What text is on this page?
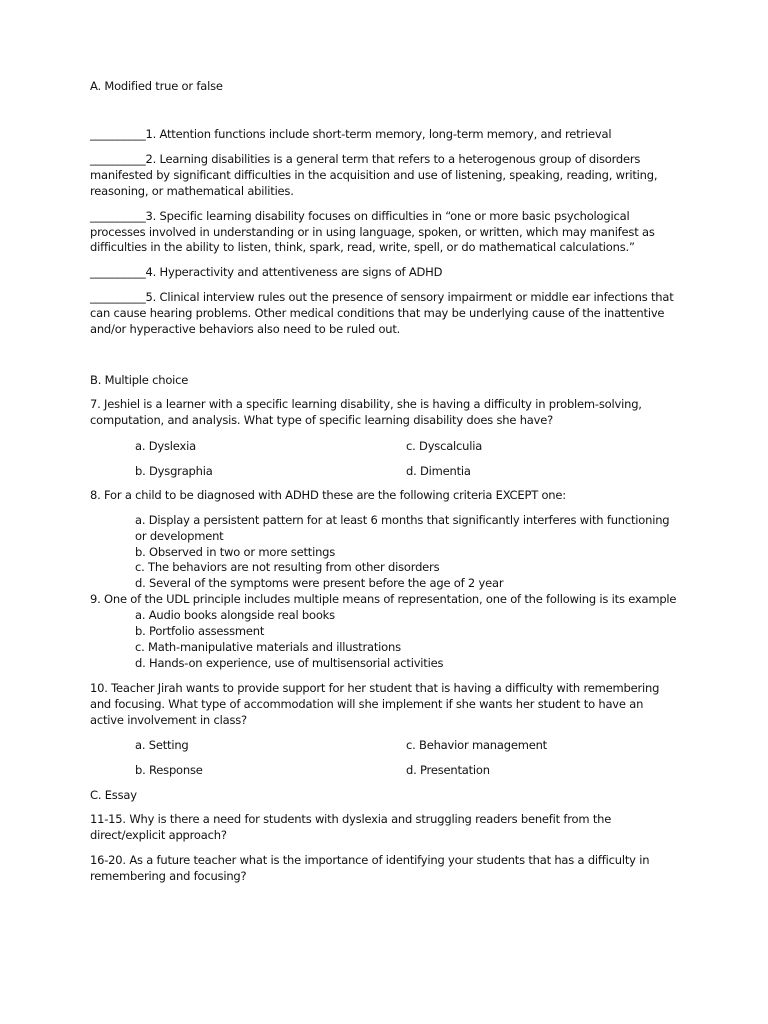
A. Modified true or false

__________1. Attention functions include short-term memory, long-term memory, and retrieval

__________2. Learning disabilities is a general term that refers to a heterogenous group of disorders manifested by significant difficulties in the acquisition and use of listening, speaking, reading, writing, reasoning, or mathematical abilities.

__________3. Specific learning disability focuses on difficulties in “one or more basic psychological processes involved in understanding or in using language, spoken, or written, which may manifest as difficulties in the ability to listen, think, spark, read, write, spell, or do mathematical calculations.”

__________4. Hyperactivity and attentiveness are signs of ADHD

__________5. Clinical interview rules out the presence of sensory impairment or middle ear infections that can cause hearing problems. Other medical conditions that may be underlying cause of the inattentive and/or hyperactive behaviors also need to be ruled out.

B. Multiple choice

7. Jeshiel is a learner with a specific learning disability, she is having a difficulty in problem-solving, computation, and analysis. What type of specific learning disability does she have?

a. Dyslexia	c. Dyscalculia
b. Dysgraphia	d. Dimentia

8. For a child to be diagnosed with ADHD these are the following criteria EXCEPT one:

a. Display a persistent pattern for at least 6 months that significantly interferes with functioning or development

b. Observed in two or more settings

c. The behaviors are not resulting from other disorders

d. Several of the symptoms were present before the age of 2 year

9. One of the UDL principle includes multiple means of representation, one of the following is its example

a. Audio books alongside real books

b. Portfolio assessment

c. Math-manipulative materials and illustrations

d. Hands-on experience, use of multisensorial activities

10. Teacher Jirah wants to provide support for her student that is having a difficulty with remembering and focusing. What type of accommodation will she implement if she wants her student to have an active involvement in class?

a. Setting	c. Behavior management
b. Response	d. Presentation

C. Essay

11-15. Why is there a need for students with dyslexia and struggling readers benefit from the direct/explicit approach?

16-20. As a future teacher what is the importance of identifying your students that has a difficulty in remembering and focusing?
